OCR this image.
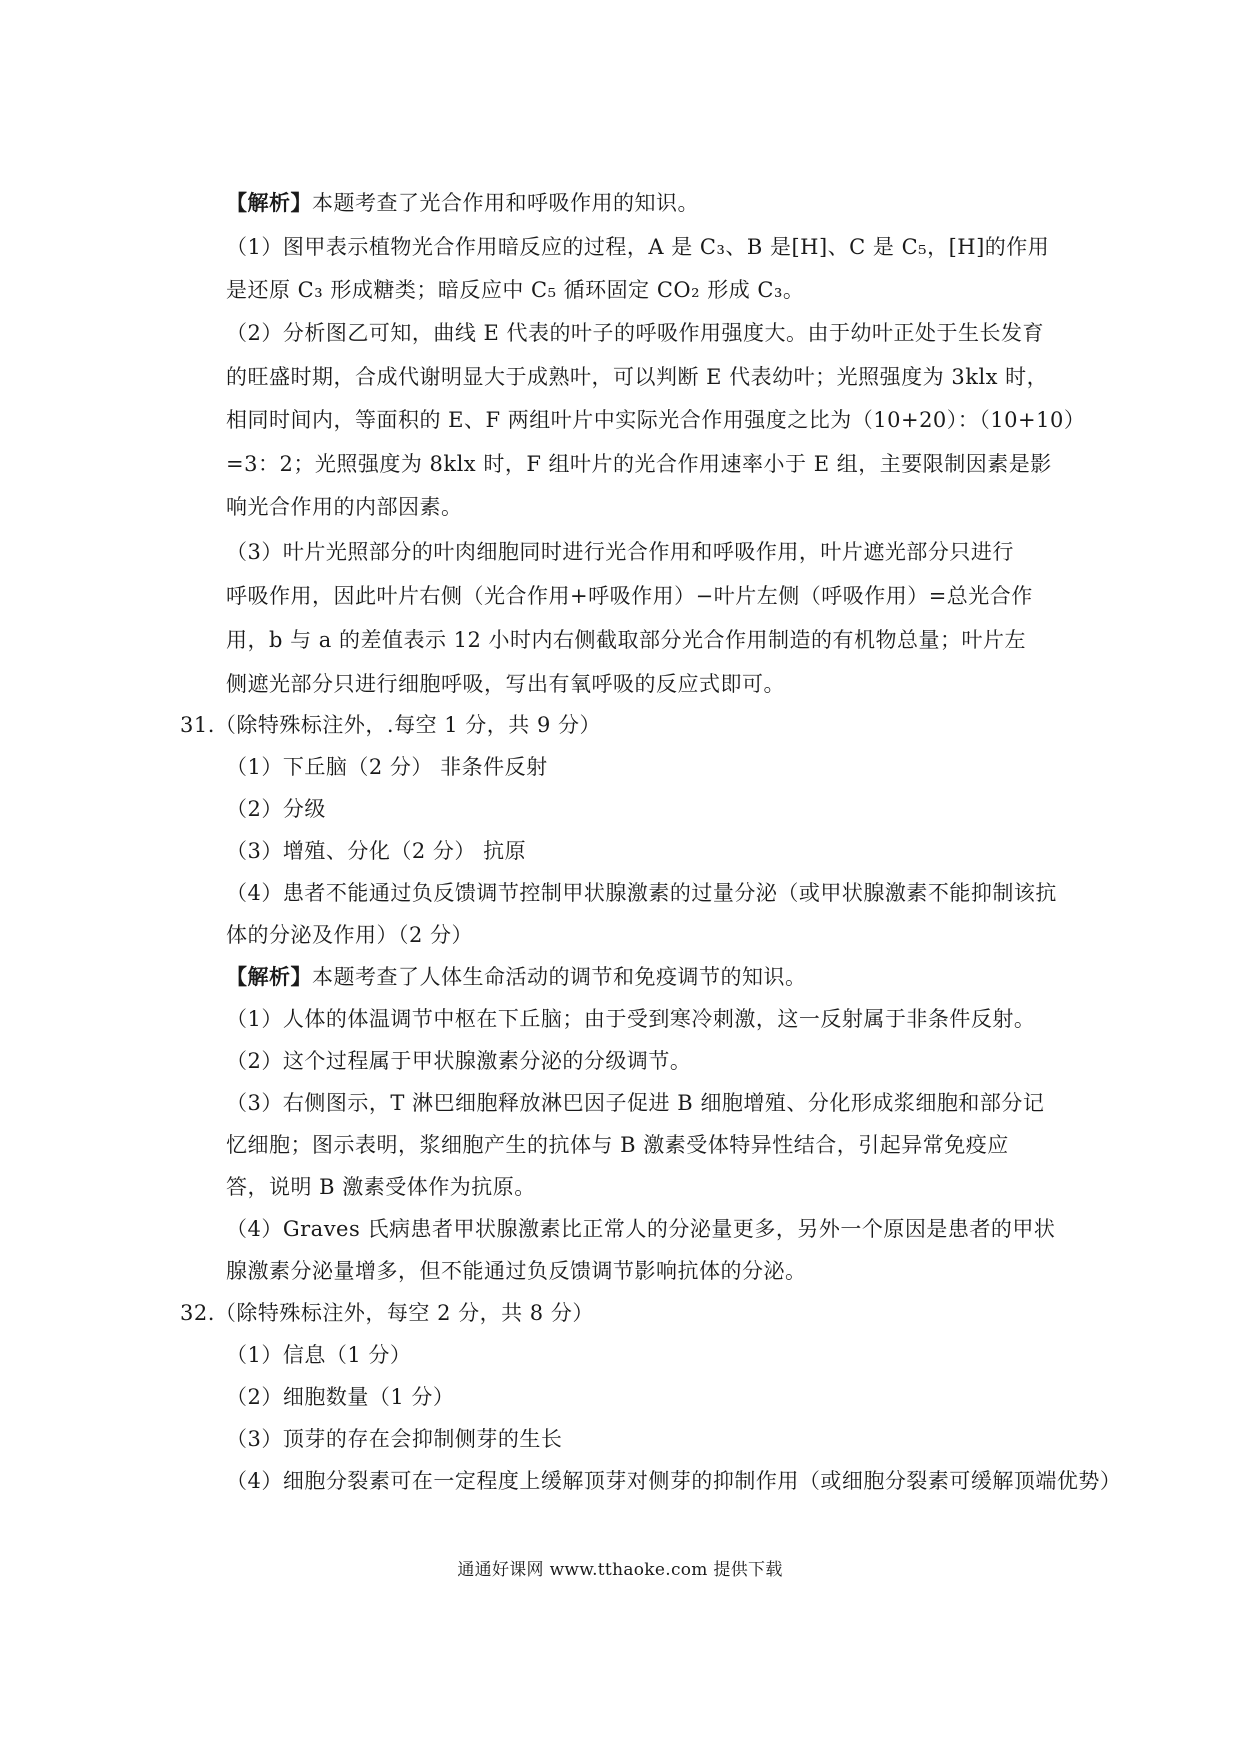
【解析】本题考查了光合作用和呼吸作用的知识。
（1）图甲表示植物光合作用暗反应的过程，A 是 C₃、B 是[H]、C 是 C₅，[H]的作用
是还原 C₃ 形成糖类；暗反应中 C₅ 循环固定 CO₂ 形成 C₃。
（2）分析图乙可知，曲线 E 代表的叶子的呼吸作用强度大。由于幼叶正处于生长发育
的旺盛时期，合成代谢明显大于成熟叶，可以判断 E 代表幼叶；光照强度为 3klx 时，
相同时间内，等面积的 E、F 两组叶片中实际光合作用强度之比为（10+20）：（10+10）
=3：2；光照强度为 8klx 时，F 组叶片的光合作用速率小于 E 组，主要限制因素是影
响光合作用的内部因素。
（3）叶片光照部分的叶肉细胞同时进行光合作用和呼吸作用，叶片遮光部分只进行
呼吸作用，因此叶片右侧（光合作用+呼吸作用）−叶片左侧（呼吸作用）=总光合作
用，b 与 a 的差值表示 12 小时内右侧截取部分光合作用制造的有机物总量；叶片左
侧遮光部分只进行细胞呼吸，写出有氧呼吸的反应式即可。
31.（除特殊标注外，.每空 1 分，共 9 分）
（1）下丘脑（2 分） 非条件反射
（2）分级
（3）增殖、分化（2 分） 抗原
（4）患者不能通过负反馈调节控制甲状腺激素的过量分泌（或甲状腺激素不能抑制该抗
体的分泌及作用）（2 分）
【解析】本题考查了人体生命活动的调节和免疫调节的知识。
（1）人体的体温调节中枢在下丘脑；由于受到寒冷刺激，这一反射属于非条件反射。
（2）这个过程属于甲状腺激素分泌的分级调节。
（3）右侧图示，T 淋巴细胞释放淋巴因子促进 B 细胞增殖、分化形成浆细胞和部分记
忆细胞；图示表明，浆细胞产生的抗体与 B 激素受体特异性结合，引起异常免疫应
答，说明 B 激素受体作为抗原。
（4）Graves 氏病患者甲状腺激素比正常人的分泌量更多，另外一个原因是患者的甲状
腺激素分泌量增多，但不能通过负反馈调节影响抗体的分泌。
32.（除特殊标注外，每空 2 分，共 8 分）
（1）信息（1 分）
（2）细胞数量（1 分）
（3）顶芽的存在会抑制侧芽的生长
（4）细胞分裂素可在一定程度上缓解顶芽对侧芽的抑制作用（或细胞分裂素可缓解顶端优势）
通通好课网 www.tthaoke.com 提供下载
